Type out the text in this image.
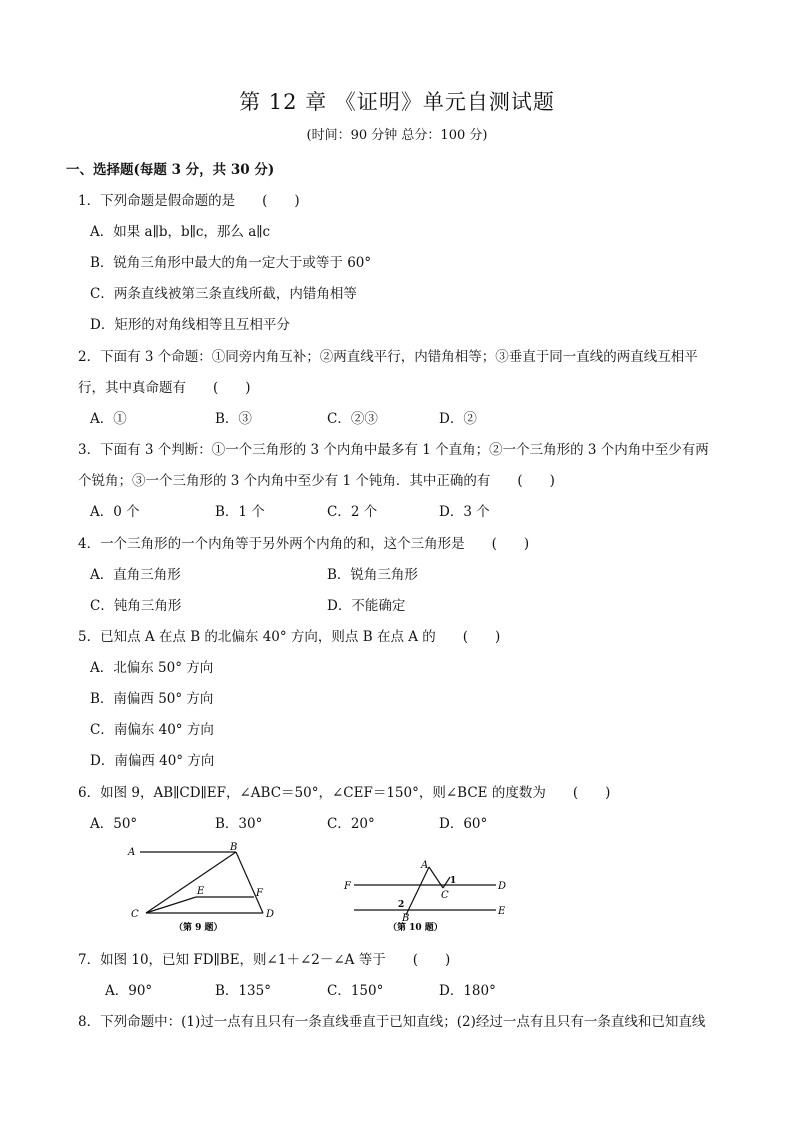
第 12 章 《证明》单元自测试题
(时间：90 分钟 总分：100 分)
一、选择题(每题 3 分，共 30 分)
1．下列命题是假命题的是　　(　　)
A．如果 a∥b，b∥c，那么 a∥c
B．锐角三角形中最大的角一定大于或等于 60°
C．两条直线被第三条直线所截，内错角相等
D．矩形的对角线相等且互相平分
2．下面有 3 个命题：①同旁内角互补；②两直线平行，内错角相等；③垂直于同一直线的两直线互相平
行，其中真命题有　　(　　)
A．①	B．③	C．②③	D．②
3．下面有 3 个判断：①一个三角形的 3 个内角中最多有 1 个直角；②一个三角形的 3 个内角中至少有两
个锐角；③一个三角形的 3 个内角中至少有 1 个钝角．其中正确的有　　(　　)
A．0 个	B．1 个	C．2 个	D．3 个
4．一个三角形的一个内角等于另外两个内角的和，这个三角形是　　(　　)
A．直角三角形	B．锐角三角形
C．钝角三角形	D．不能确定
5．已知点 A 在点 B 的北偏东 40° 方向，则点 B 在点 A 的　　(　　)
A．北偏东 50° 方向
B．南偏西 50° 方向
C．南偏东 40° 方向
D．南偏西 40° 方向
6．如图 9，AB∥CD∥EF，∠ABC＝50°，∠CEF＝150°，则∠BCE 的度数为　　(　　)
A．50°	B．30°	C．20°	D．60°
A	B
C	D
E	F
（第 9 题）
A
B
C
D
E
F	1
2
（第 10 题）
7．如图 10，已知 FD∥BE，则∠1＋∠2－∠A 等于　　(　　)
A．90°	B．135°	C．150°	D．180°
8．下列命题中：(1)过一点有且只有一条直线垂直于已知直线；(2)经过一点有且只有一条直线和已知直线
